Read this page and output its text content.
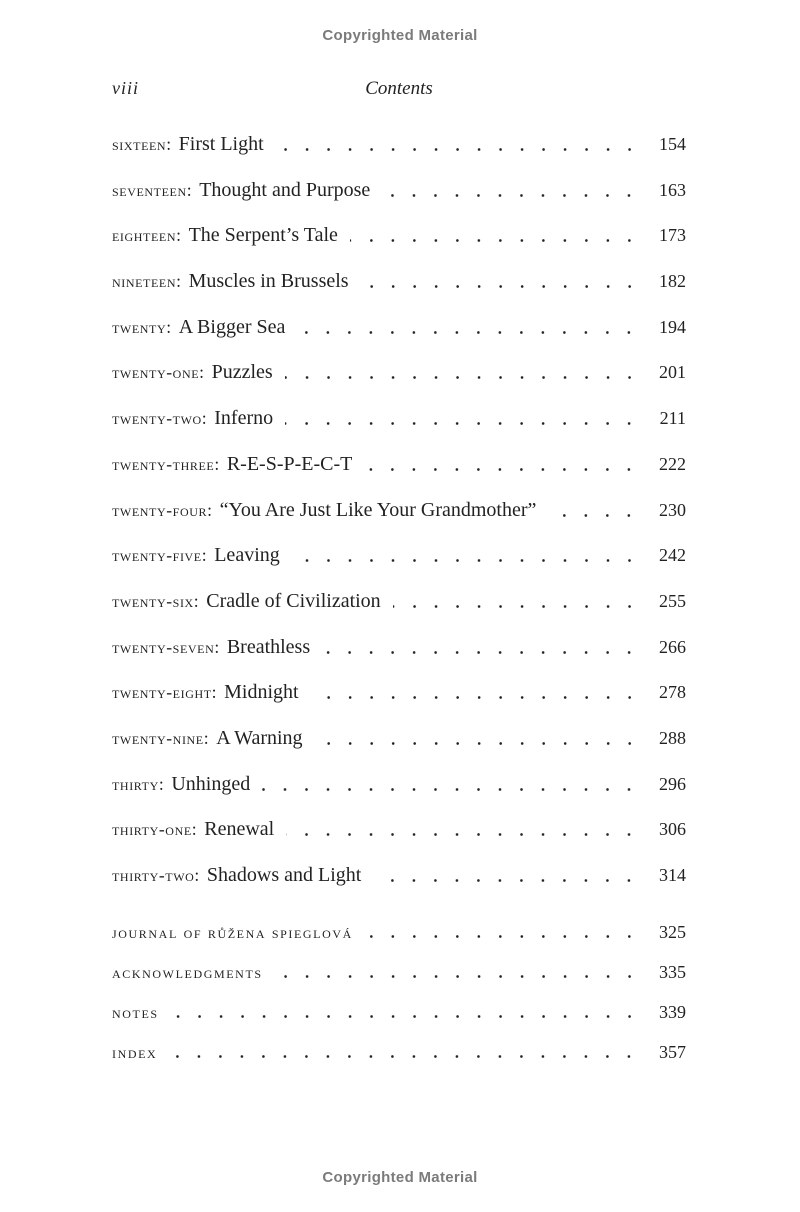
Copyrighted Material
viii	Contents
sixteen: First Light	154
seventeen: Thought and Purpose	163
eighteen: The Serpent’s Tale	173
nineteen: Muscles in Brussels	182
twenty: A Bigger Sea	194
twenty-one: Puzzles	201
twenty-two: Inferno	211
twenty-three: R-E-S-P-E-C-T	222
twenty-four: “You Are Just Like Your Grandmother”	230
twenty-five: Leaving	242
twenty-six: Cradle of Civilization	255
twenty-seven: Breathless	266
twenty-eight: Midnight	278
twenty-nine: A Warning	288
thirty: Unhinged	296
thirty-one: Renewal	306
thirty-two: Shadows and Light	314
journal of růžena spieglová	325
acknowledgments	335
notes	339
index	357
Copyrighted Material
